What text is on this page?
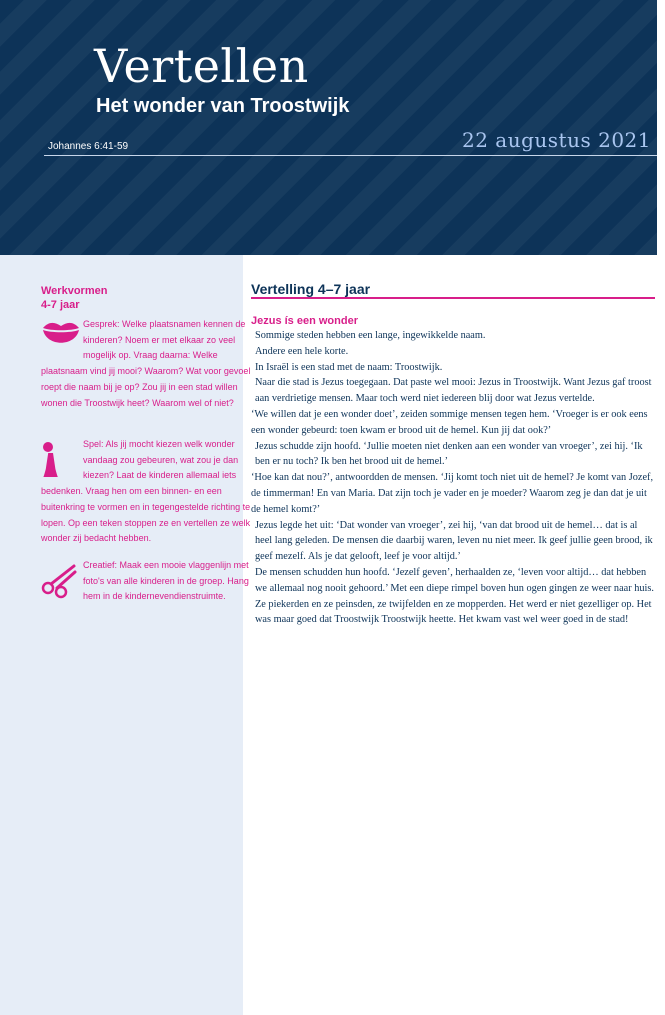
Vertellen
Het wonder van Troostwijk
Johannes 6:41-59	22 augustus 2021
Werkvormen
4-7 jaar
Gesprek: Welke plaatsnamen kennen de kinderen? Noem er met elkaar zo veel mogelijk op. Vraag daarna: Welke plaatsnaam vind jij mooi? Waarom? Wat voor gevoel roept die naam bij je op? Zou jij in een stad willen wonen die Troostwijk heet? Waarom wel of niet?
Spel: Als jij mocht kiezen welk wonder vandaag zou gebeuren, wat zou je dan kiezen? Laat de kinderen allemaal iets bedenken. Vraag hen om een binnen- en een buitenkring te vormen en in tegengestelde richting te lopen. Op een teken stoppen ze en vertellen ze welk wonder zij bedacht hebben.
Creatief: Maak een mooie vlaggenlijn met foto's van alle kinderen in de groep. Hang hem in de kindernevendienstruimte.
Vertelling 4–7 jaar
Jezus ís een wonder

Sommige steden hebben een lange, ingewikkelde naam.

Andere een hele korte.

In Israël is een stad met de naam: Troostwijk.

Naar die stad is Jezus toegegaan. Dat paste wel mooi: Jezus in Troostwijk. Want Jezus gaf troost aan verdrietige mensen. Maar toch werd niet iedereen blij door wat Jezus vertelde.

‘We willen dat je een wonder doet’, zeiden sommige mensen tegen hem. ‘Vroeger is er ook eens een wonder gebeurd: toen kwam er brood uit de hemel. Kun jij dat ook?’

Jezus schudde zijn hoofd. ‘Jullie moeten niet denken aan een wonder van vroeger’, zei hij. ‘Ik ben er nu toch? Ik ben het brood uit de hemel.’

‘Hoe kan dat nou?’, antwoordden de mensen. ‘Jij komt toch niet uit de hemel? Je komt van Jozef, de timmerman! En van Maria. Dat zijn toch je vader en je moeder? Waarom zeg je dan dat je uit de hemel komt?’

Jezus legde het uit: ‘Dat wonder van vroeger’, zei hij, ‘van dat brood uit de hemel… dat is al heel lang geleden. De mensen die daarbij waren, leven nu niet meer. Ik geef jullie geen brood, ik geef mezelf. Als je dat gelooft, leef je voor altijd.’

De mensen schudden hun hoofd. ‘Jezelf geven’, herhaalden ze, ‘leven voor altijd… dat hebben we allemaal nog nooit gehoord.’ Met een diepe rimpel boven hun ogen gingen ze weer naar huis. Ze piekerden en ze peinsden, ze twijfelden en ze mopperden. Het werd er niet gezelliger op. Het was maar goed dat Troostwijk Troostwijk heette. Het kwam vast wel weer goed in de stad!
